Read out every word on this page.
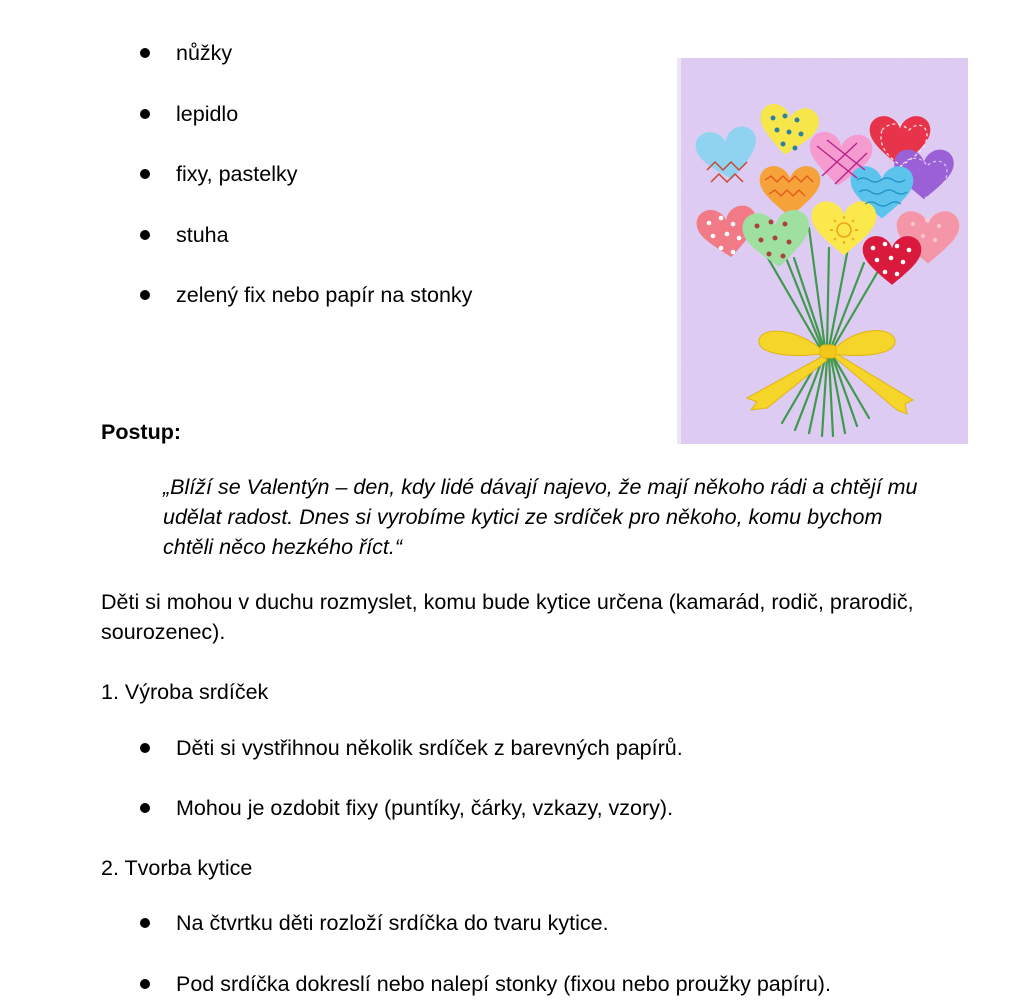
nůžky
lepidlo
fixy, pastelky
stuha
zelený fix nebo papír na stonky
Postup:
„Blíží se Valentýn – den, kdy lidé dávají najevo, že mají někoho rádi a chtějí mu
udělat radost. Dnes si vyrobíme kytici ze srdíček pro někoho, komu bychom
chtěli něco hezkého říct.“
Děti si mohou v duchu rozmyslet, komu bude kytice určena (kamarád, rodič, prarodič,
sourozenec).
1. Výroba srdíček
Děti si vystřihnou několik srdíček z barevných papírů.
Mohou je ozdobit fixy (puntíky, čárky, vzkazy, vzory).
2. Tvorba kytice
Na čtvrtku děti rozloží srdíčka do tvaru kytice.
Pod srdíčka dokreslí nebo nalepí stonky (fixou nebo proužky papíru).
